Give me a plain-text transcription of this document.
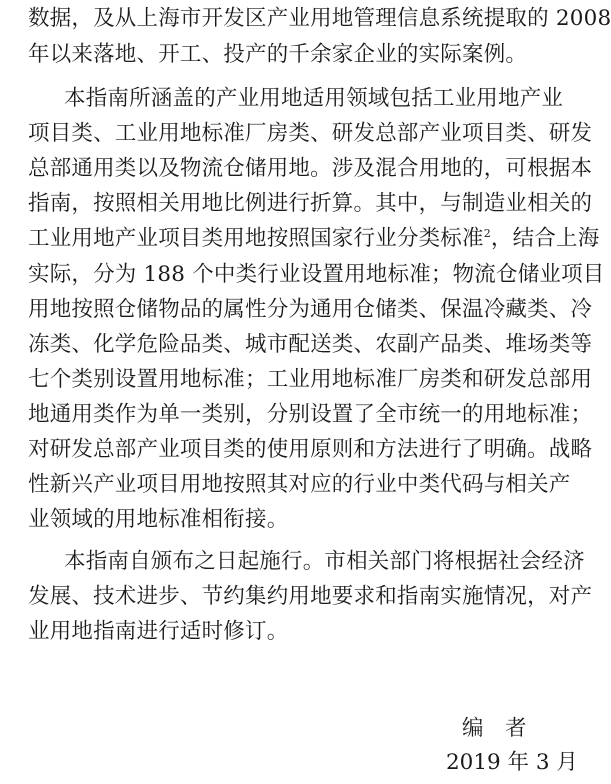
数据，及从上海市开发区产业用地管理信息系统提取的 2008
年以来落地、开工、投产的千余家企业的实际案例。
本指南所涵盖的产业用地适用领域包括工业用地产业
项目类、工业用地标准厂房类、研发总部产业项目类、研发
总部通用类以及物流仓储用地。涉及混合用地的，可根据本
指南，按照相关用地比例进行折算。其中，与制造业相关的
工业用地产业项目类用地按照国家行业分类标准$^2$，结合上海
实际，分为 188 个中类行业设置用地标准；物流仓储业项目
用地按照仓储物品的属性分为通用仓储类、保温冷藏类、冷
冻类、化学危险品类、城市配送类、农副产品类、堆场类等
七个类别设置用地标准；工业用地标准厂房类和研发总部用
地通用类作为单一类别，分别设置了全市统一的用地标准；
对研发总部产业项目类的使用原则和方法进行了明确。战略
性新兴产业项目用地按照其对应的行业中类代码与相关产
业领域的用地标准相衔接。
本指南自颁布之日起施行。市相关部门将根据社会经济
发展、技术进步、节约集约用地要求和指南实施情况，对产
业用地指南进行适时修订。
编　者
2019 年 3 月
